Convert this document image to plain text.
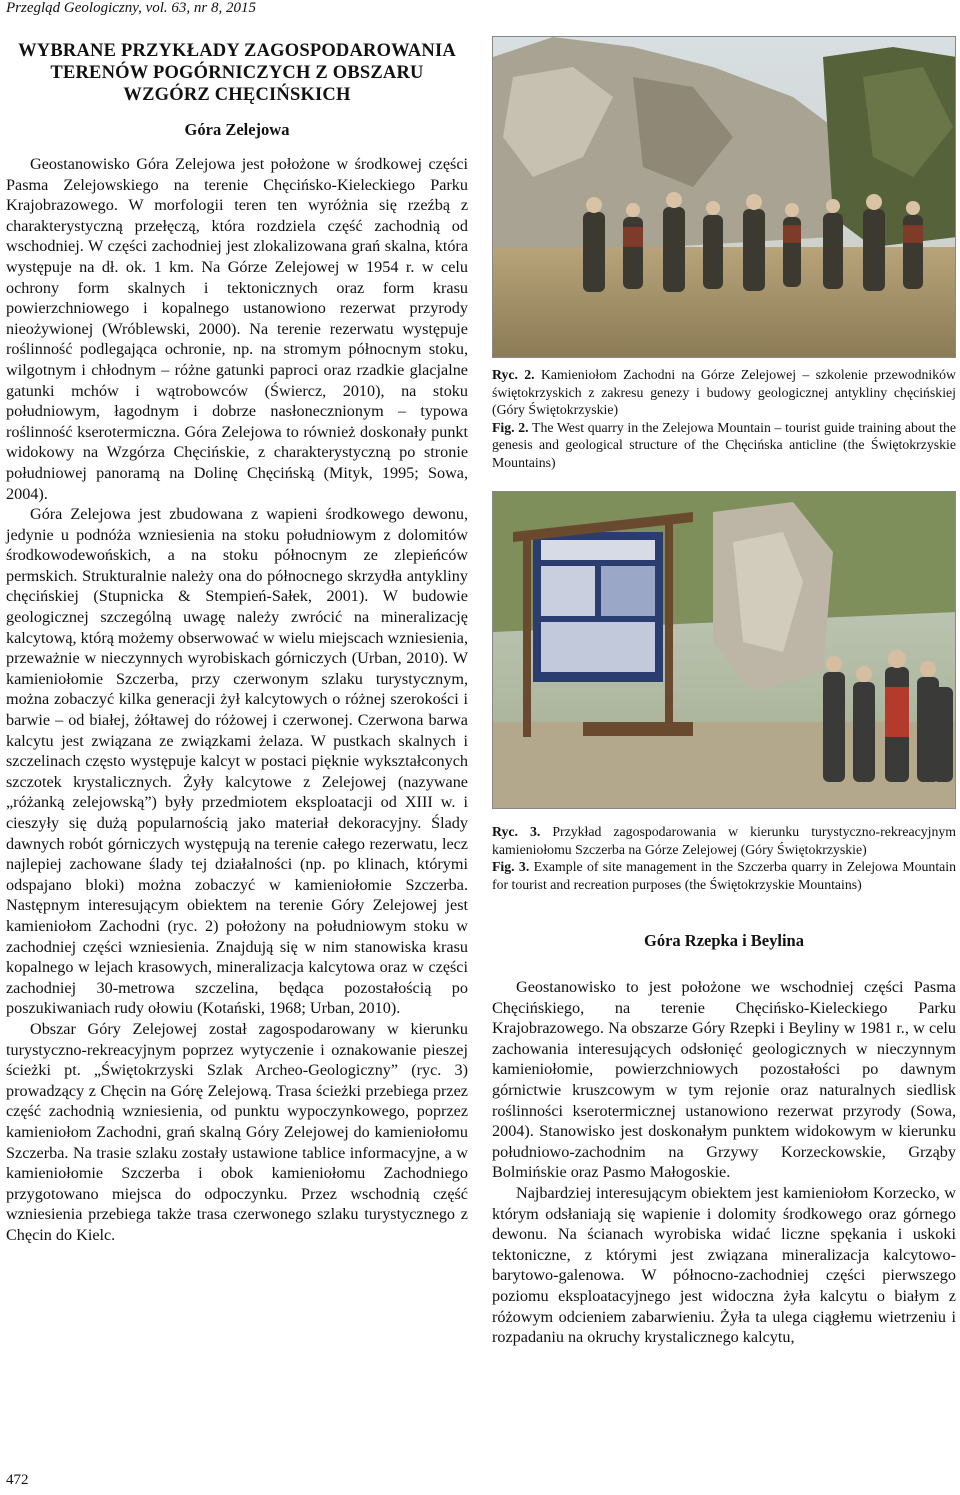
Przegląd Geologiczny, vol. 63, nr 8, 2015
WYBRANE PRZYKŁADY ZAGOSPODAROWANIA
TERENÓW POGÓRNICZYCH Z OBSZARU
WZGÓRZ CHĘCIŃSKICH
Góra Zelejowa

Geostanowisko Góra Zelejowa jest położone w środkowej części Pasma Zelejowskiego na terenie Chęcińsko-Kieleckiego Parku Krajobrazowego. W morfologii teren ten wyróżnia się rzeźbą z charakterystyczną przełęczą, która rozdziela część zachodnią od wschodniej. W części zachodniej jest zlokalizowana grań skalna, która występuje na dł. ok. 1 km. Na Górze Zelejowej w 1954 r. w celu ochrony form skalnych i tektonicznych oraz form krasu powierzchniowego i kopalnego ustanowiono rezerwat przyrody nieożywionej (Wróblewski, 2000). Na terenie rezerwatu występuje roślinność podlegająca ochronie, np. na stromym północnym stoku, wilgotnym i chłodnym – różne gatunki paproci oraz rzadkie glacjalne gatunki mchów i wątrobowców (Świercz, 2010), na stoku południowym, łagodnym i dobrze nasłonecznionym – typowa roślinność kserotermiczna. Góra Zelejowa to również doskonały punkt widokowy na Wzgórza Chęcińskie, z charakterystyczną po stronie południowej panoramą na Dolinę Chęcińską (Mityk, 1995; Sowa, 2004).

Góra Zelejowa jest zbudowana z wapieni środkowego dewonu, jedynie u podnóża wzniesienia na stoku południowym z dolomitów środkowodewońskich, a na stoku północnym ze zlepieńców permskich. Strukturalnie należy ona do północnego skrzydła antykliny chęcińskiej (Stupnicka & Stempień-Sałek, 2001). W budowie geologicznej szczególną uwagę należy zwrócić na mineralizację kalcytową, którą możemy obserwować w wielu miejscach wzniesienia, przeważnie w nieczynnych wyrobiskach górniczych (Urban, 2010). W kamieniołomie Szczerba, przy czerwonym szlaku turystycznym, można zobaczyć kilka generacji żył kalcytowych o różnej szerokości i barwie – od białej, żółtawej do różowej i czerwonej. Czerwona barwa kalcytu jest związana ze związkami żelaza. W pustkach skalnych i szczelinach często występuje kalcyt w postaci pięknie wykształconych szczotek krystalicznych. Żyły kalcytowe z Zelejowej (nazywane „różanką zelejowską”) były przedmiotem eksploatacji od XIII w. i cieszyły się dużą popularnością jako materiał dekoracyjny. Ślady dawnych robót górniczych występują na terenie całego rezerwatu, lecz najlepiej zachowane ślady tej działalności (np. po klinach, którymi odspajano bloki) można zobaczyć w kamieniołomie Szczerba. Następnym interesującym obiektem na terenie Góry Zelejowej jest kamieniołom Zachodni (ryc. 2) położony na południowym stoku w zachodniej części wzniesienia. Znajdują się w nim stanowiska krasu kopalnego w lejach krasowych, mineralizacja kalcytowa oraz w części zachodniej 30-metrowa szczelina, będąca pozostałością po poszukiwaniach rudy ołowiu (Kotański, 1968; Urban, 2010).

Obszar Góry Zelejowej został zagospodarowany w kierunku turystyczno-rekreacyjnym poprzez wytyczenie i oznakowanie pieszej ścieżki pt. „Świętokrzyski Szlak Archeo-Geologiczny” (ryc. 3) prowadzący z Chęcin na Górę Zelejową. Trasa ścieżki przebiega przez część zachodnią wzniesienia, od punktu wypoczynkowego, poprzez kamieniołom Zachodni, grań skalną Góry Zelejowej do kamieniołomu Szczerba. Na trasie szlaku zostały ustawione tablice informacyjne, a w kamieniołomie Szczerba i obok kamieniołomu Zachodniego przygotowano miejsca do odpoczynku. Przez wschodnią część wzniesienia przebiega także trasa czerwonego szlaku turystycznego z Chęcin do Kielc.

Ryc. 2. Kamieniołom Zachodni na Górze Zelejowej – szkolenie przewodników świętokrzyskich z zakresu genezy i budowy geologicznej antykliny chęcińskiej (Góry Świętokrzyskie)

Fig. 2. The West quarry in the Zelejowa Mountain – tourist guide training about the genesis and geological structure of the Chęcińska anticline (the Świętokrzyskie Mountains)

Ryc. 3. Przykład zagospodarowania w kierunku turystyczno-rekreacyjnym kamieniołomu Szczerba na Górze Zelejowej (Góry Świętokrzyskie)

Fig. 3. Example of site management in the Szczerba quarry in Zelejowa Mountain for tourist and recreation purposes (the Świętokrzyskie Mountains)

Góra Rzepka i Beylina

Geostanowisko to jest położone we wschodniej części Pasma Chęcińskiego, na terenie Chęcińsko-Kieleckiego Parku Krajobrazowego. Na obszarze Góry Rzepki i Beyliny w 1981 r., w celu zachowania interesujących odsłonięć geologicznych w nieczynnym kamieniołomie, powierzchniowych pozostałości po dawnym górnictwie kruszcowym w tym rejonie oraz naturalnych siedlisk roślinności kserotermicznej ustanowiono rezerwat przyrody (Sowa, 2004). Stanowisko jest doskonałym punktem widokowym w kierunku południowo-zachodnim na Grzywy Korzeckowskie, Grząby Bolmińskie oraz Pasmo Małogoskie.

Najbardziej interesującym obiektem jest kamieniołom Korzecko, w którym odsłaniają się wapienie i dolomity środkowego oraz górnego dewonu. Na ścianach wyrobiska widać liczne spękania i uskoki tektoniczne, z którymi jest związana mineralizacja kalcytowo-barytowo-galenowa. W północno-zachodniej części pierwszego poziomu eksploatacyjnego jest widoczna żyła kalcytu o białym z różowym odcieniem zabarwieniu. Żyła ta ulega ciągłemu wietrzeniu i rozpadaniu na okruchy krystalicznego kalcytu,

472
